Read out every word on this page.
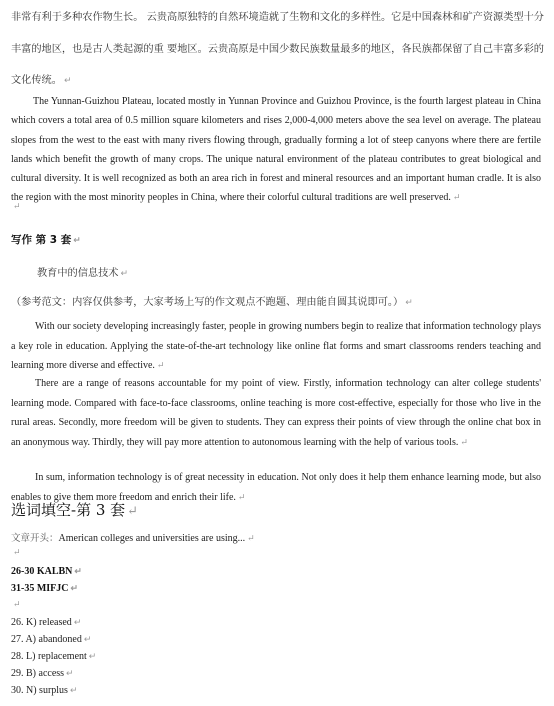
非常有利于多种农作物生长。 云贵高原独特的自然环境造就了生物和文化的多样性。它是中国森林和矿产资源类型十分
丰富的地区，也是古人类起源的重 要地区。云贵高原是中国少数民族数量最多的地区，各民族都保留了自己丰富多彩的
文化传统。 ↵
The Yunnan-Guizhou Plateau, located mostly in Yunnan Province and Guizhou Province, is the fourth largest plateau in China which covers a total area of 0.5 million square kilometers and rises 2,000-4,000 meters above the sea level on average. The plateau slopes from the west to the east with many rivers flowing through, gradually forming a lot of steep canyons where there are fertile lands which benefit the growth of many crops. The unique natural environment of the plateau contributes to great biological and cultural diversity. It is well recognized as both an area rich in forest and mineral resources and an important human cradle. It is also the region with the most minority peoples in China, where their colorful cultural traditions are well preserved. ↵
↵
写作 第 3 套 ↵
教育中的信息技术 ↵
（参考范文：内容仅供参考，大家考场上写的作文观点不跑题、理由能自圆其说即可。） ↵
With our society developing increasingly faster, people in growing numbers begin to realize that information technology plays a key role in education. Applying the state-of-the-art technology like online flat forms and smart classrooms renders teaching and learning more diverse and effective. ↵
There are a range of reasons accountable for my point of view. Firstly, information technology can alter college students' learning mode. Compared with face-to-face classrooms, online teaching is more cost-effective, especially for those who live in the rural areas. Secondly, more freedom will be given to students. They can express their points of view through the online chat box in an anonymous way. Thirdly, they will pay more attention to autonomous learning with the help of various tools. ↵
In sum, information technology is of great necessity in education. Not only does it help them enhance learning mode, but also enables to give them more freedom and enrich their life. ↵
选词填空-第 3 套 ↵
文章开头：American colleges and universities are using... ↵
↵
26-30 KALBN ↵
31-35 MIFJC ↵
↵
26. K) released ↵
27. A) abandoned ↵
28. L) replacement ↵
29. B) access ↵
30. N) surplus ↵
